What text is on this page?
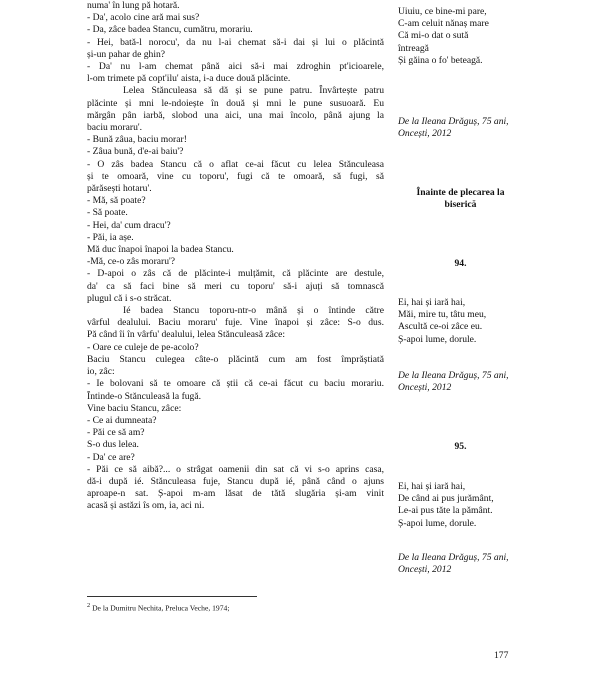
numa' în lung pă hotară.
- Da', acolo cine ară mai sus?
- Da, zâce badea Stancu, cumătru, morariu.
- Hei, bată-l norocu', da nu l-ai chemat să-i dai și lui o plăcintă
și-un pahar de ghin?
- Da' nu l-am chemat până aici să-i mai zdroghin pt'icioarele,
l-om trimete pă copt'ilu' aista, i-a duce două plăcinte.
Lelea Stănculeasa să dă și se pune patru. Învârtește patru
plăcinte și mni le-ndoiește în două și mni le pune susuoară. Eu
mărgân pân iarbă, slobod una aici, una mai încolo, până ajung la
baciu moraru'.
- Bună zâua, baciu morar!
- Zâua bună, d'e-ai baiu'?
- O zâs badea Stancu că o aflat ce-ai făcut cu lelea Stănculeasa
și te omoară, vine cu toporu', fugi că te omoară, să fugi, să
părăsești hotaru'.
- Mă, să poate?
- Să poate.
- Hei, da' cum dracu'?
- Păi, ia așe.
Mă duc înapoi înapoi la badea Stancu.
-Mă, ce-o zâs moraru'?
- D-apoi o zâs că de plăcinte-i mulțămit, că plăcinte are destule,
da' ca să faci bine să meri cu toporu' să-i ajuți să tomnască
plugul că i s-o străcat.
Ié badea Stancu toporu-ntr-o mână și o întinde către
vârful dealului. Baciu moraru' fuje. Vine înapoi și zâce: S-o dus.
Pă când îi în vârfu' dealului, lelea Stănculeasă zâce:
- Oare ce culeje de pe-acolo?
Baciu Stancu culegea câte-o plăcintă cum am fost împrăștiată
io, zâc:
- Ie bolovani să te omoare că știi că ce-ai făcut cu baciu morariu.
Întinde-o Stănculeasă la fugă.
Vine baciu Stancu, zâce:
- Ce ai dumneata?
- Păi ce să am?
S-o dus lelea.
- Da' ce are?
- Păi ce să aibă?... o strâgat oamenii din sat că vi s-o aprins casa,
dă-i după ié. Stănculeasa fuje, Stancu după ié, până când o ajuns
aproape-n sat. Ș-apoi m-am lăsat de tătă slugăria și-am vinit
acasă și astăzi îs om, ia, aci ni.
Uiuiu, ce bine-mi pare,
C-am celuit nănaș mare
Că mi-o dat o sută
întreagă
Și găina o fo' beteagă.
De la Ileana Drăguș, 75 ani,
Oncești, 2012
Înainte de plecarea la
biserică
94.
Ei, hai și iară hai,
Măi, mire tu, tâtu meu,
Ascultă ce-oi zâce eu.
Ș-apoi lume, dorule.
De la Ileana Drăguș, 75 ani,
Oncești, 2012
95.
Ei, hai și iară hai,
De când ai pus jurământ,
Le-ai pus tăte la pământ.
Ș-apoi lume, dorule.
De la Ileana Drăguș, 75 ani,
Oncești, 2012
$^2$ De la Dumitru Nechita, Preluca Veche, 1974;
177
